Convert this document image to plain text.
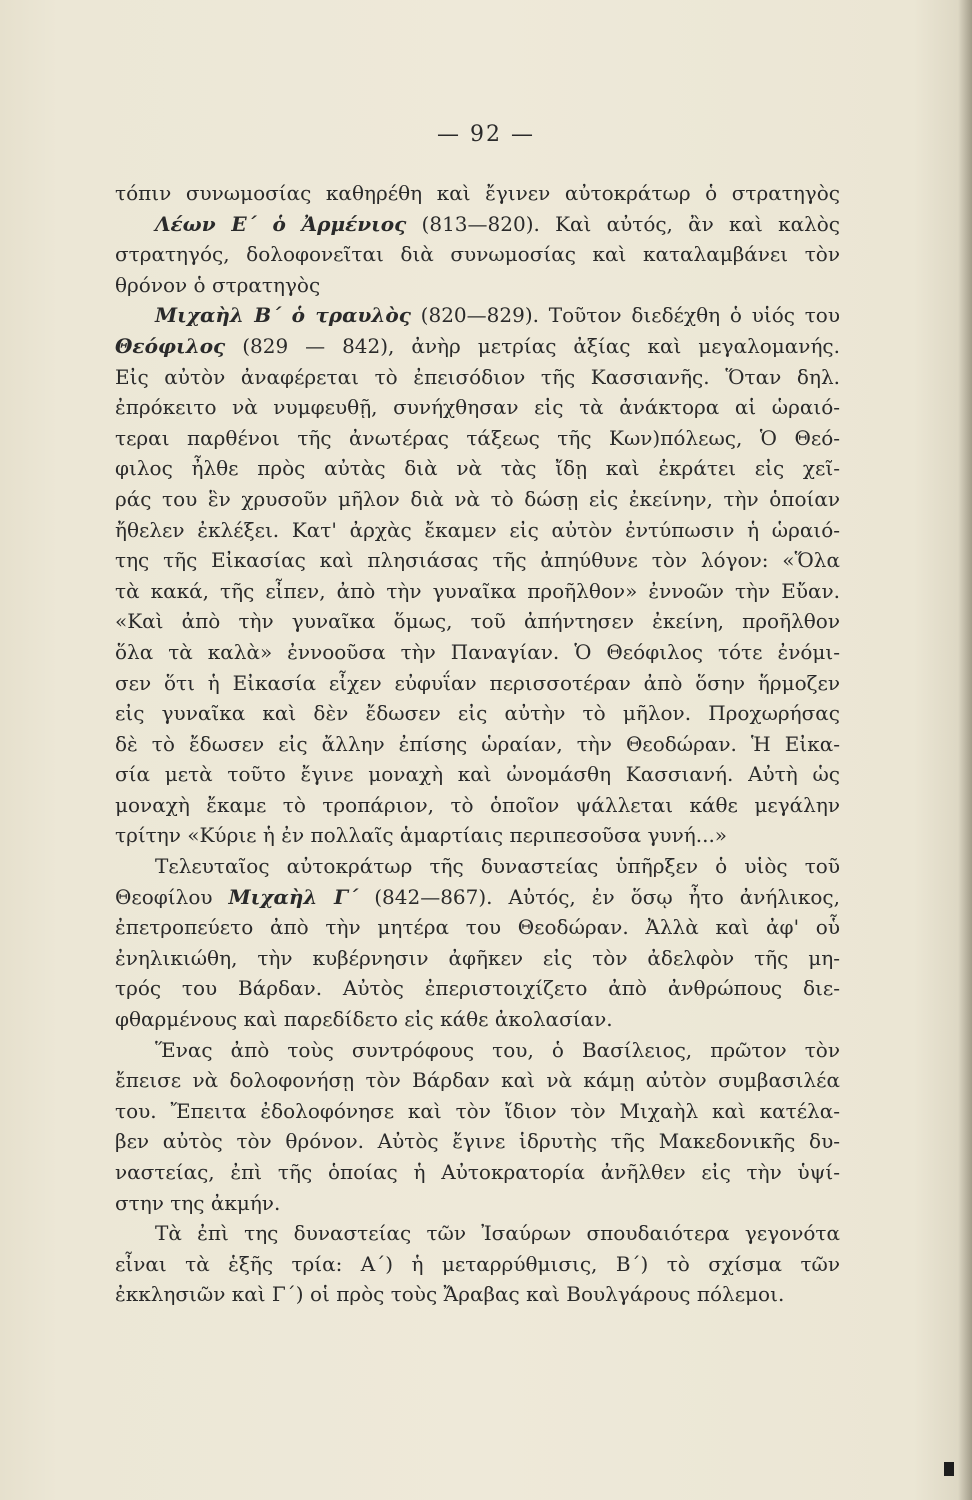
— 92 —
τόπιν συνωμοσίας καθηρέθη καὶ ἔγινεν αὐτοκράτωρ ὁ στρατηγὸς
Λέων Ε΄ ὁ Ἀρμένιος (813—820). Καὶ αὐτός, ἂν καὶ καλὸς
στρατηγός, δολοφονεῖται διὰ συνωμοσίας καὶ καταλαμβάνει τὸν
θρόνον ὁ στρατηγὸς
Μιχαὴλ Β΄ ὁ τραυλὸς (820—829). Τοῦτον διεδέχθη ὁ υἱός του
Θεόφιλος (829 — 842), ἀνὴρ μετρίας ἀξίας καὶ μεγαλομανής.
Εἰς αὐτὸν ἀναφέρεται τὸ ἐπεισόδιον τῆς Κασσιανῆς. Ὅταν δηλ.
ἐπρόκειτο νὰ νυμφευθῇ, συνήχθησαν εἰς τὰ ἀνάκτορα αἱ ὡραιό-
τεραι παρθένοι τῆς ἀνωτέρας τάξεως τῆς Κων)πόλεως, Ὁ Θεό-
φιλος ἦλθε πρὸς αὐτὰς διὰ νὰ τὰς ἴδῃ καὶ ἐκράτει εἰς χεῖ-
ράς του ἓν χρυσοῦν μῆλον διὰ νὰ τὸ δώσῃ εἰς ἐκείνην, τὴν ὁποίαν
ἤθελεν ἐκλέξει. Κατ' ἀρχὰς ἔκαμεν εἰς αὐτὸν ἐντύπωσιν ἡ ὡραιό-
της τῆς Εἰκασίας καὶ πλησιάσας τῆς ἀπηύθυνε τὸν λόγον: «Ὅλα
τὰ κακά, τῆς εἶπεν, ἀπὸ τὴν γυναῖκα προῆλθον» ἐννοῶν τὴν Εὔαν.
«Καὶ ἀπὸ τὴν γυναῖκα ὅμως, τοῦ ἀπήντησεν ἐκείνη, προῆλθον
ὅλα τὰ καλὰ» ἐννοοῦσα τὴν Παναγίαν. Ὁ Θεόφιλος τότε ἐνόμι-
σεν ὅτι ἡ Εἰκασία εἶχεν εὐφυΐαν περισσοτέραν ἀπὸ ὅσην ἥρμοζεν
εἰς γυναῖκα καὶ δὲν ἔδωσεν εἰς αὐτὴν τὸ μῆλον. Προχωρήσας
δὲ τὸ ἔδωσεν εἰς ἄλλην ἐπίσης ὡραίαν, τὴν Θεοδώραν. Ἡ Εἰκα-
σία μετὰ τοῦτο ἔγινε μοναχὴ καὶ ὠνομάσθη Κασσιανή. Αὐτὴ ὡς
μοναχὴ ἔκαμε τὸ τροπάριον, τὸ ὁποῖον ψάλλεται κάθε μεγάλην
τρίτην «Κύριε ἡ ἐν πολλαῖς ἁμαρτίαις περιπεσοῦσα γυνή...»
Τελευταῖος αὐτοκράτωρ τῆς δυναστείας ὑπῆρξεν ὁ υἱὸς τοῦ
Θεοφίλου Μιχαὴλ Γ΄ (842—867). Αὐτός, ἐν ὅσῳ ἦτο ἀνήλικος,
ἐπετροπεύετο ἀπὸ τὴν μητέρα του Θεοδώραν. Ἀλλὰ καὶ ἀφ' οὗ
ἐνηλικιώθη, τὴν κυβέρνησιν ἀφῆκεν εἰς τὸν ἀδελφὸν τῆς μη-
τρός του Βάρδαν. Αὐτὸς ἐπεριστοιχίζετο ἀπὸ ἀνθρώπους διε-
φθαρμένους καὶ παρεδίδετο εἰς κάθε ἀκολασίαν.
Ἕνας ἀπὸ τοὺς συντρόφους του, ὁ Βασίλειος, πρῶτον τὸν
ἔπεισε νὰ δολοφονήσῃ τὸν Βάρδαν καὶ νὰ κάμῃ αὐτὸν συμβασιλέα
του. Ἔπειτα ἐδολοφόνησε καὶ τὸν ἴδιον τὸν Μιχαὴλ καὶ κατέλα-
βεν αὐτὸς τὸν θρόνον. Αὐτὸς ἔγινε ἱδρυτὴς τῆς Μακεδονικῆς δυ-
ναστείας, ἐπὶ τῆς ὁποίας ἡ Αὐτοκρατορία ἀνῆλθεν εἰς τὴν ὑψί-
στην της ἀκμήν.
Τὰ ἐπὶ της δυναστείας τῶν Ἰσαύρων σπουδαιότερα γεγονότα
εἶναι τὰ ἑξῆς τρία: Α΄) ἡ μεταρρύθμισις, Β΄) τὸ σχίσμα τῶν
ἐκκλησιῶν καὶ Γ΄) οἱ πρὸς τοὺς Ἄραβας καὶ Βουλγάρους πόλεμοι.
